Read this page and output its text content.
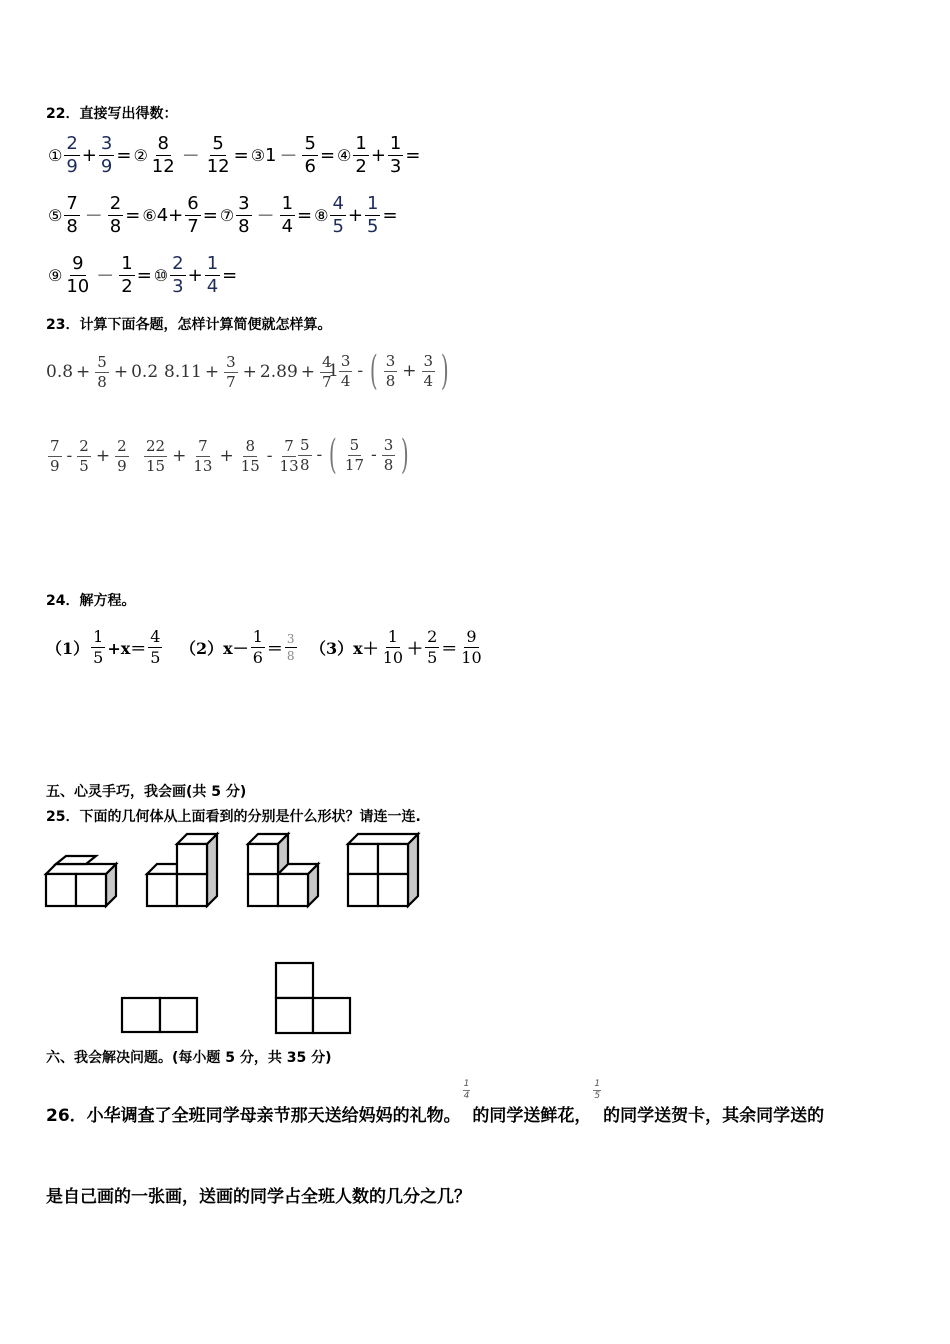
22．直接写出得数：
① $\frac{2}{9} + \frac{3}{9}$ = ② $\frac{8}{12} - \frac{5}{12}$ = ③ $1 - \frac{5}{6}$ = ④ $\frac{1}{2} + \frac{1}{3}$ =
⑤ $\frac{7}{8} - \frac{2}{8}$ = ⑥ $4+ \frac{6}{7}$ = ⑦ $\frac{3}{8} - \frac{1}{4}$ = ⑧ $\frac{4}{5} + \frac{1}{5}$ =
⑨ $\frac{9}{10} - \frac{1}{2}$ = ⑩ $\frac{2}{3} + \frac{1}{4}$ =
23．计算下面各题，怎样计算简便就怎样算。
$0.8 + \frac{5}{8} + 0.2$ $8.11 + \frac{3}{7} + 2.89 + \frac{4}{7}$
$1 \frac{3}{4}$ - ( $\frac{3}{8} + \frac{3}{4}$ )
$\frac{7}{9} - \frac{2}{5} + \frac{2}{9} \frac{22}{15} + \frac{7}{13} + \frac{8}{15} - \frac{7}{13}$
$\frac{5}{8}$ - ( $\frac{5}{17} - \frac{3}{8}$ )
24．解方程。
$(1) \frac{1}{5} +x= \frac{4}{5} (2)$ $x- \frac{1}{6} = \frac{3}{8} (3)$ $x+ \frac{1}{10} + \frac{2}{5} = \frac{9}{10}$
五、心灵手巧，我会画(共 5 分)
25．下面的几何体从上面看到的分别是什么形状？请连一连.
六、我会解决问题。(每小题 5 分，共 35 分)
26．小华调查了全班同学母亲节那天送给妈妈的礼物。
$\frac{1}{4}$
的同学送鲜花，
$\frac{1}{5}$
的同学送贺卡，其余同学送的
是自己画的一张画，送画的同学占全班人数的几分之几？
